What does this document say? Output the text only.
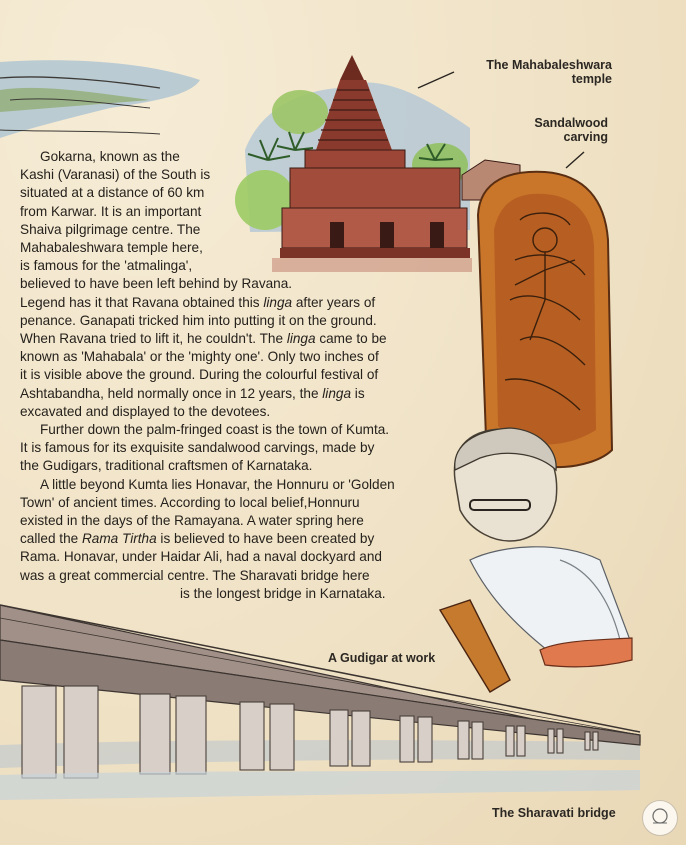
The Mahabaleshwara
temple
Sandalwood
carving
A Gudigar at work
The Sharavati bridge

Gokarna, known as the
Kashi (Varanasi) of the South is
situated at a distance of 60 km
from Karwar. It is an important
Shaiva pilgrimage centre. The
Mahabaleshwara temple here,
is famous for the 'atmalinga',
believed to have been left behind by Ravana.
Legend has it that Ravana obtained this linga after years of
penance. Ganapati tricked him into putting it on the ground.
When Ravana tried to lift it, he couldn't. The linga came to be
known as 'Mahabala' or the 'mighty one'. Only two inches of
it is visible above the ground. During the colourful festival of
Ashtabandha, held normally once in 12 years, the linga is
excavated and displayed to the devotees.

Further down the palm-fringed coast is the town of Kumta.
It is famous for its exquisite sandalwood carvings, made by
the Gudigars, traditional craftsmen of Karnataka.

A little beyond Kumta lies Honavar, the Honnuru or 'Golden
Town' of ancient times. According to local belief,Honnuru
existed in the days of the Ramayana. A water spring here
called the Rama Tirtha is believed to have been created by
Rama. Honavar, under Haidar Ali, had a naval dockyard and
was a great commercial centre. The Sharavati bridge here
is the longest bridge in Karnataka.
